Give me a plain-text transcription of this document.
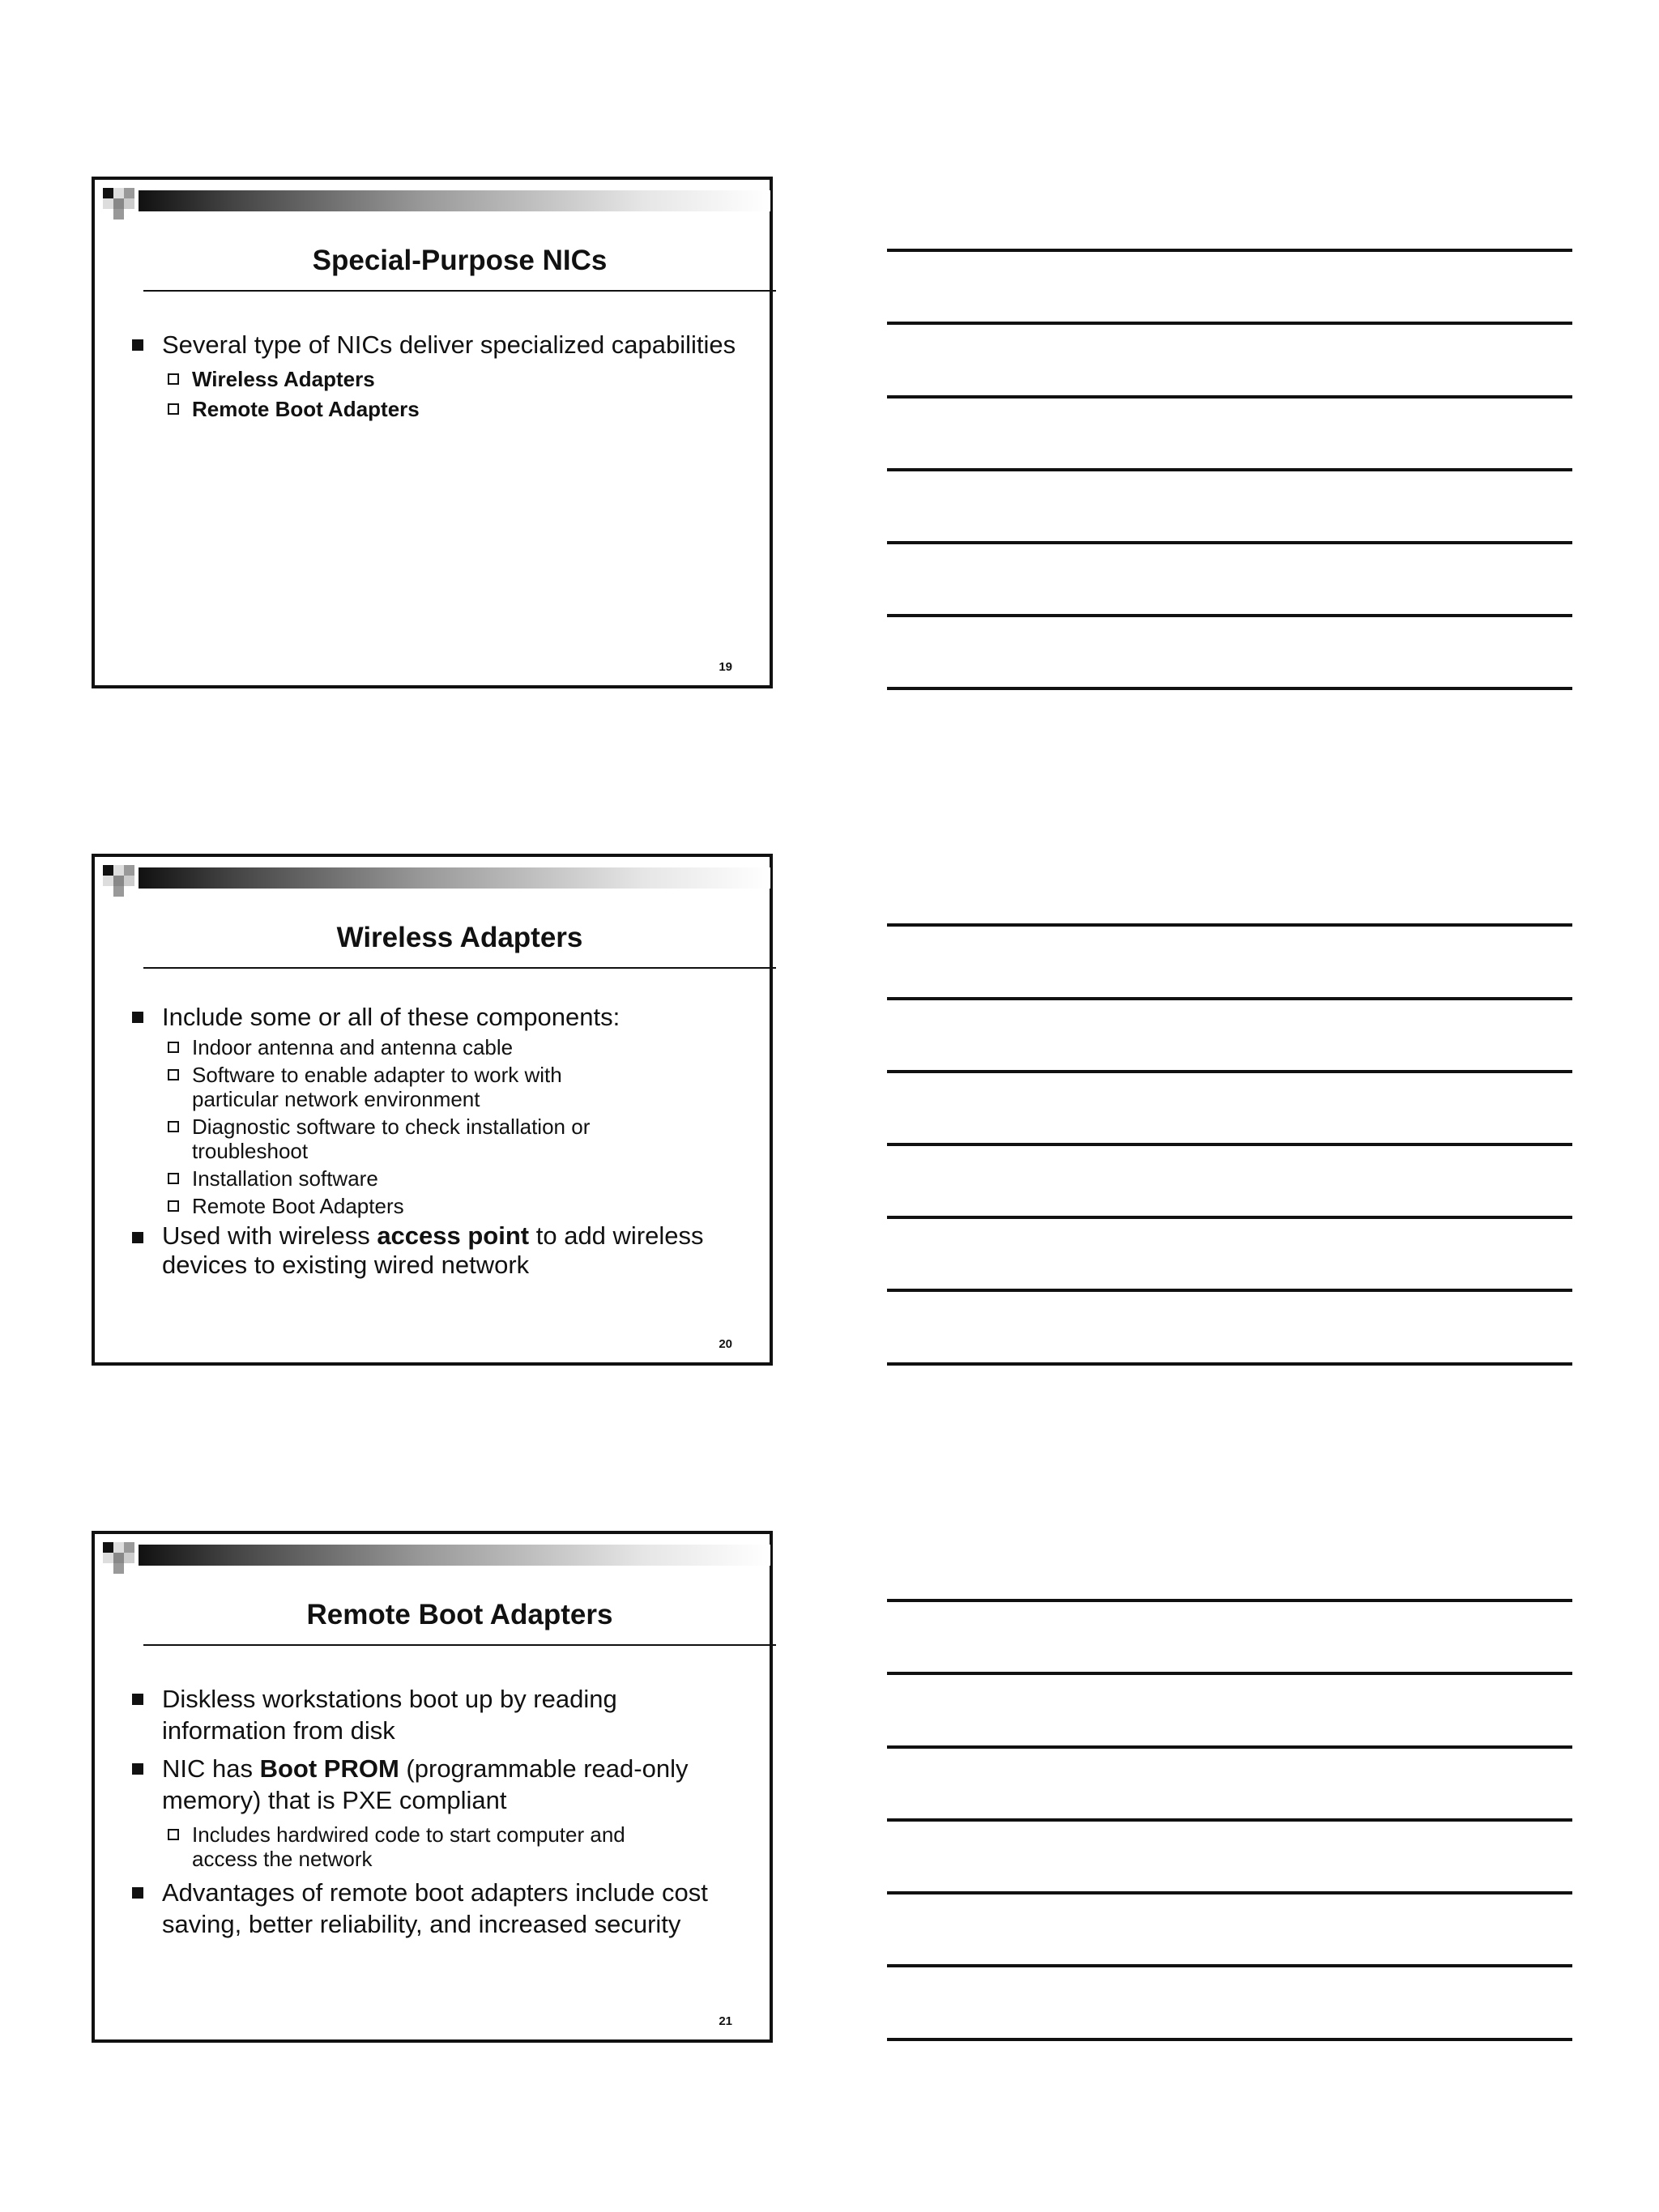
Special-Purpose NICs
Several type of NICs deliver specialized capabilities
Wireless Adapters
Remote Boot Adapters
19
Wireless Adapters
Include some or all of these components:
Indoor antenna and antenna cable
Software to enable adapter to work with particular network environment
Diagnostic software to check installation or troubleshoot
Installation software
Remote Boot Adapters
Used with wireless access point to add wireless devices to existing wired network
20
Remote Boot Adapters
Diskless workstations boot up by reading information from disk
NIC has Boot PROM (programmable read-only memory) that is PXE compliant
Includes hardwired code to start computer and access the network
Advantages of remote boot adapters include cost saving, better reliability, and increased security
21
